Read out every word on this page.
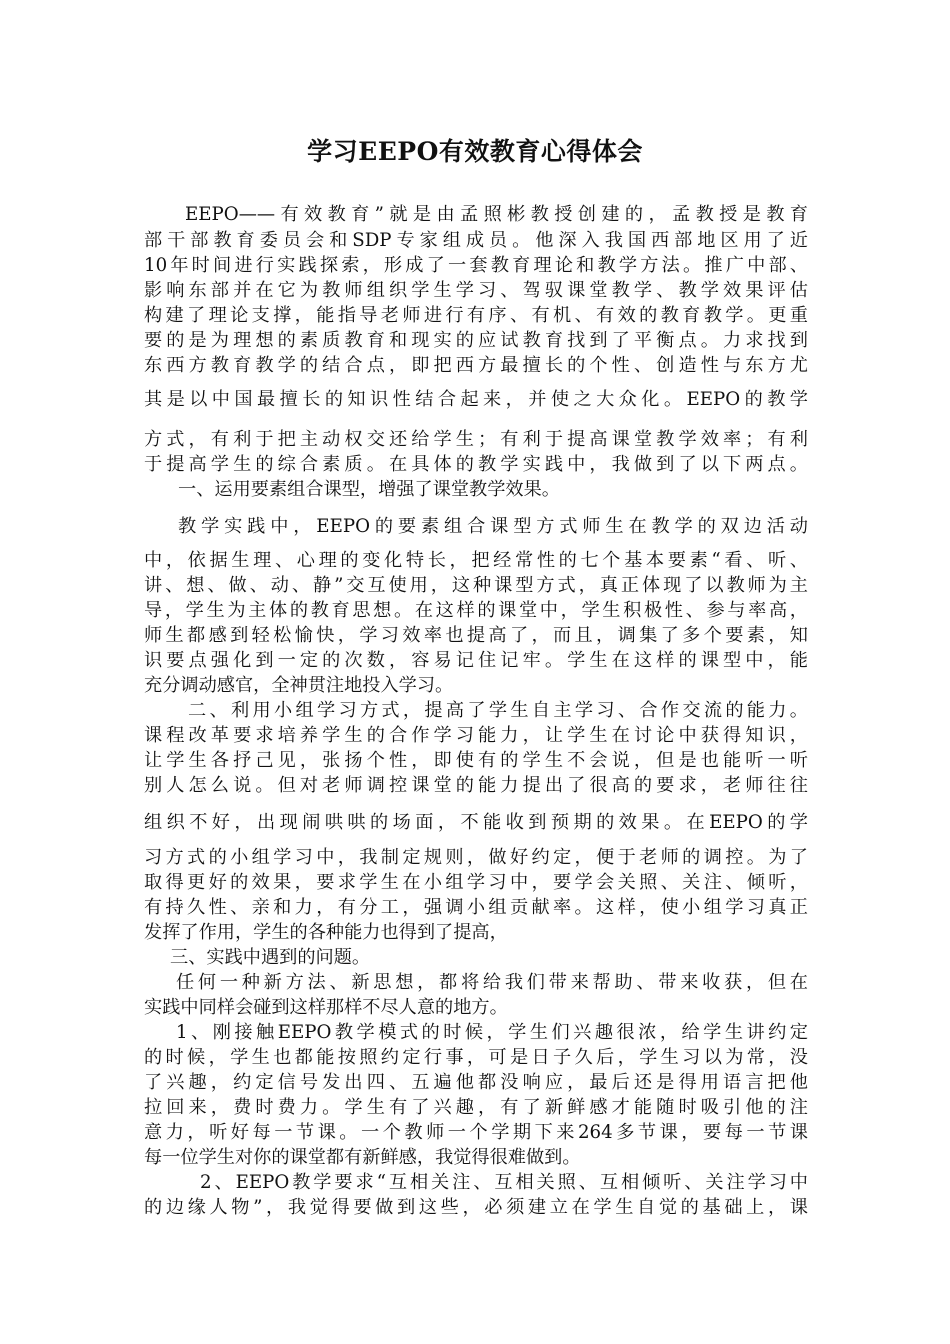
学习EEPO有效教育心得体会
EEPO——有效教育”就是由孟照彬教授创建的，孟教授是教育
部干部教育委员会和SDP专家组成员。他深入我国西部地区用了近
10年时间进行实践探索，形成了一套教育理论和教学方法。推广中部、
影响东部并在它为教师组织学生学习、驾驭课堂教学、教学效果评估
构建了理论支撑，能指导老师进行有序、有机、有效的教育教学。更重
要的是为理想的素质教育和现实的应试教育找到了平衡点。力求找到
东西方教育教学的结合点，即把西方最擅长的个性、创造性与东方尤
其是以中国最擅长的知识性结合起来，并使之大众化。EEPO的教学
方式，有利于把主动权交还给学生；有利于提高课堂教学效率；有利
于提高学生的综合素质。在具体的教学实践中，我做到了以下两点。
一、运用要素组合课型，增强了课堂教学效果。
教学实践中，EEPO的要素组合课型方式师生在教学的双边活动
中，依据生理、心理的变化特长，把经常性的七个基本要素“看、听、
讲、想、做、动、静”交互使用，这种课型方式，真正体现了以教师为主
导，学生为主体的教育思想。在这样的课堂中，学生积极性、参与率高，
师生都感到轻松愉快，学习效率也提高了，而且，调集了多个要素，知
识要点强化到一定的次数，容易记住记牢。学生在这样的课型中，能
充分调动感官，全神贯注地投入学习。
二、利用小组学习方式，提高了学生自主学习、合作交流的能力。
课程改革要求培养学生的合作学习能力，让学生在讨论中获得知识，
让学生各抒己见，张扬个性，即使有的学生不会说，但是也能听一听
别人怎么说。但对老师调控课堂的能力提出了很高的要求，老师往往
组织不好，出现闹哄哄的场面，不能收到预期的效果。在EEPO的学
习方式的小组学习中，我制定规则，做好约定，便于老师的调控。为了
取得更好的效果，要求学生在小组学习中，要学会关照、关注、倾听，
有持久性、亲和力，有分工，强调小组贡献率。这样，使小组学习真正
发挥了作用，学生的各种能力也得到了提高，
三、实践中遇到的问题。
任何一种新方法、新思想，都将给我们带来帮助、带来收获，但在
实践中同样会碰到这样那样不尽人意的地方。
1、刚接触EEPO教学模式的时候，学生们兴趣很浓，给学生讲约定
的时候，学生也都能按照约定行事，可是日子久后，学生习以为常，没
了兴趣，约定信号发出四、五遍他都没响应，最后还是得用语言把他
拉回来，费时费力。学生有了兴趣，有了新鲜感才能随时吸引他的注
意力，听好每一节课。一个教师一个学期下来264多节课，要每一节课
每一位学生对你的课堂都有新鲜感，我觉得很难做到。
2、EEPO教学要求“互相关注、互相关照、互相倾听、关注学习中
的边缘人物”，我觉得要做到这些，必须建立在学生自觉的基础上，课
